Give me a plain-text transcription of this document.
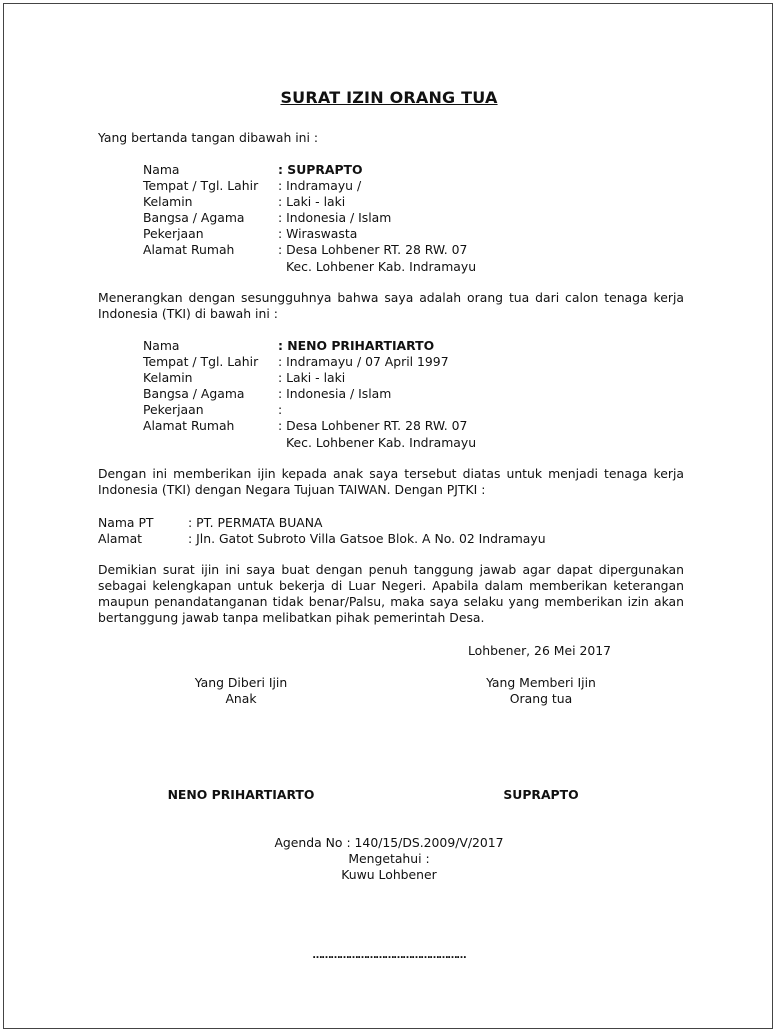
SURAT IZIN ORANG TUA
Yang bertanda tangan dibawah ini :
Nama	: SUPRAPTO
Tempat / Tgl. Lahir : Indramayu /
Kelamin	: Laki - laki
Bangsa / Agama	: Indonesia / Islam
Pekerjaan	: Wiraswasta
Alamat Rumah	: Desa Lohbener RT. 28 RW. 07
Kec. Lohbener Kab. Indramayu
Menerangkan dengan sesungguhnya bahwa saya adalah orang tua dari calon tenaga kerja Indonesia (TKI) di bawah ini :
Nama	: NENO PRIHARTIARTO
Tempat / Tgl. Lahir : Indramayu / 07 April 1997
Kelamin	: Laki - laki
Bangsa / Agama	: Indonesia / Islam
Pekerjaan	:
Alamat Rumah	: Desa Lohbener RT. 28 RW. 07
Kec. Lohbener Kab. Indramayu
Dengan ini memberikan ijin kepada anak saya tersebut diatas untuk menjadi tenaga kerja Indonesia (TKI) dengan Negara Tujuan TAIWAN. Dengan PJTKI :
Nama PT	: PT. PERMATA BUANA
Alamat	: Jln. Gatot Subroto Villa Gatsoe Blok. A No. 02 Indramayu
Demikian surat ijin ini saya buat dengan penuh tanggung jawab agar dapat dipergunakan sebagai kelengkapan untuk bekerja di Luar Negeri. Apabila dalam memberikan keterangan maupun penandatanganan tidak benar/Palsu, maka saya selaku yang memberikan izin akan bertanggung jawab tanpa melibatkan pihak pemerintah Desa.
Lohbener, 26 Mei 2017
Yang Diberi Ijin
Anak
NENO PRIHARTIARTO
Yang Memberi Ijin
Orang tua
SUPRAPTO
Agenda No : 140/15/DS.2009/V/2017
Mengetahui :
Kuwu Lohbener
……………………………………………
